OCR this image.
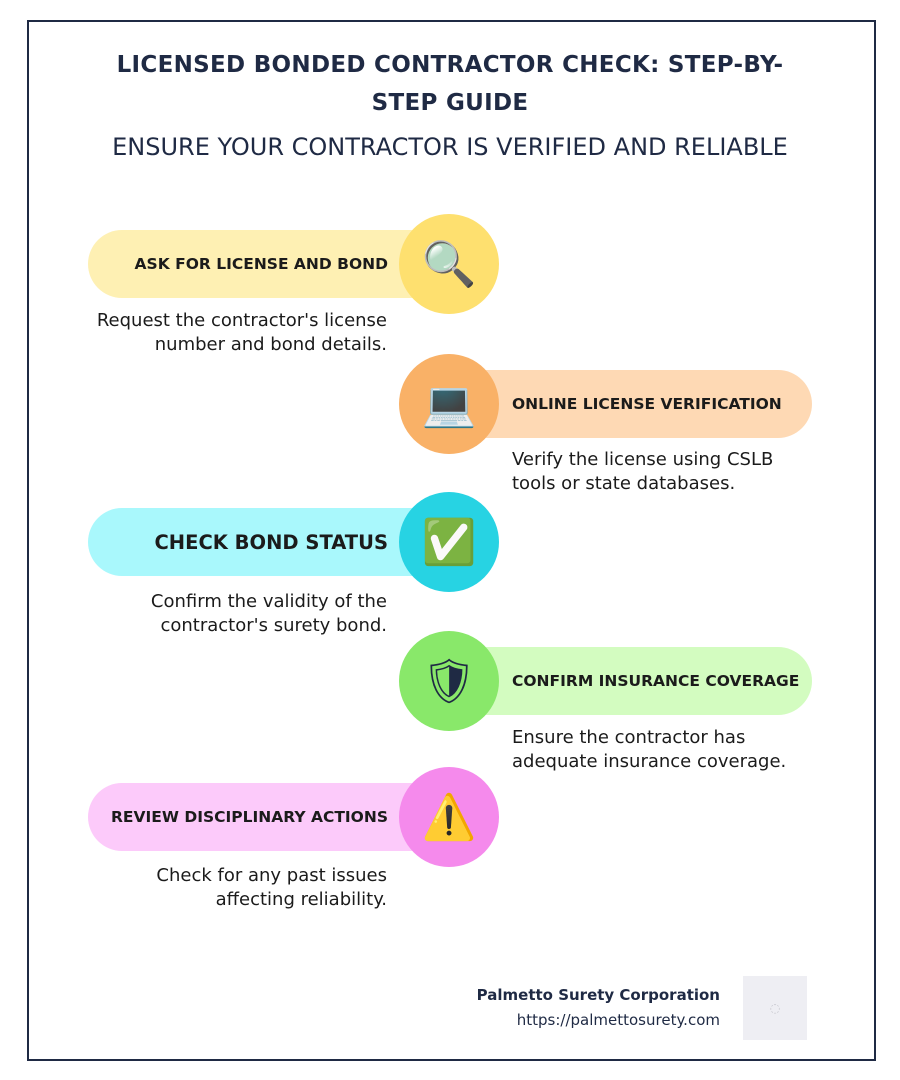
LICENSED BONDED CONTRACTOR CHECK: STEP-BY-STEP GUIDE
ENSURE YOUR CONTRACTOR IS VERIFIED AND RELIABLE
ASK FOR LICENSE AND BOND 🔍
Request the contractor's license number and bond details.
ONLINE LICENSE VERIFICATION
💻
Verify the license using CSLB tools or state databases.
CHECK BOND STATUS ✅
Confirm the validity of the contractor's surety bond.
CONFIRM INSURANCE COVERAGE
🛡
Ensure the contractor has adequate insurance coverage.
REVIEW DISCIPLINARY ACTIONS ⚠️
Check for any past issues affecting reliability.
Palmetto Surety Corporation
https://palmettosurety.com
◌
